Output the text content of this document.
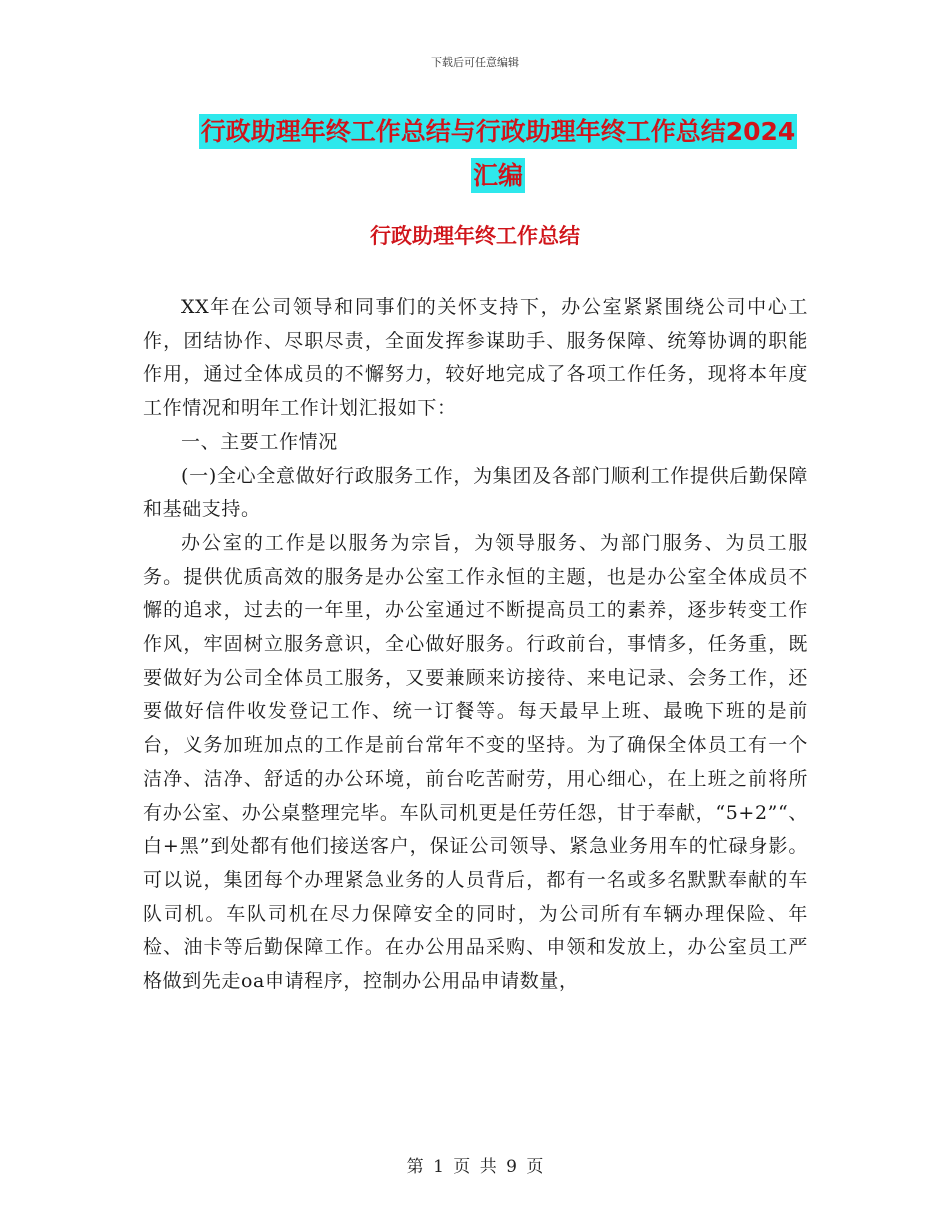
下载后可任意编辑
行政助理年终工作总结与行政助理年终工作总结2024汇编
行政助理年终工作总结

XX年在公司领导和同事们的关怀支持下，办公室紧紧围绕公司中心工作，团结协作、尽职尽责，全面发挥参谋助手、服务保障、统筹协调的职能作用，通过全体成员的不懈努力，较好地完成了各项工作任务，现将本年度工作情况和明年工作计划汇报如下：

一、主要工作情况

(一)全心全意做好行政服务工作，为集团及各部门顺利工作提供后勤保障和基础支持。

办公室的工作是以服务为宗旨，为领导服务、为部门服务、为员工服务。提供优质高效的服务是办公室工作永恒的主题，也是办公室全体成员不懈的追求，过去的一年里，办公室通过不断提高员工的素养，逐步转变工作作风，牢固树立服务意识，全心做好服务。行政前台，事情多，任务重，既要做好为公司全体员工服务，又要兼顾来访接待、来电记录、会务工作，还要做好信件收发登记工作、统一订餐等。每天最早上班、最晚下班的是前台，义务加班加点的工作是前台常年不变的坚持。为了确保全体员工有一个洁净、洁净、舒适的办公环境，前台吃苦耐劳，用心细心，在上班之前将所有办公室、办公桌整理完毕。车队司机更是任劳任怨，甘于奉献，“5+2”“、白+黑”到处都有他们接送客户，保证公司领导、紧急业务用车的忙碌身影。可以说，集团每个办理紧急业务的人员背后，都有一名或多名默默奉献的车队司机。车队司机在尽力保障安全的同时，为公司所有车辆办理保险、年检、油卡等后勤保障工作。在办公用品采购、申领和发放上，办公室员工严格做到先走oa申请程序，控制办公用品申请数量，

第 1 页 共 9 页
